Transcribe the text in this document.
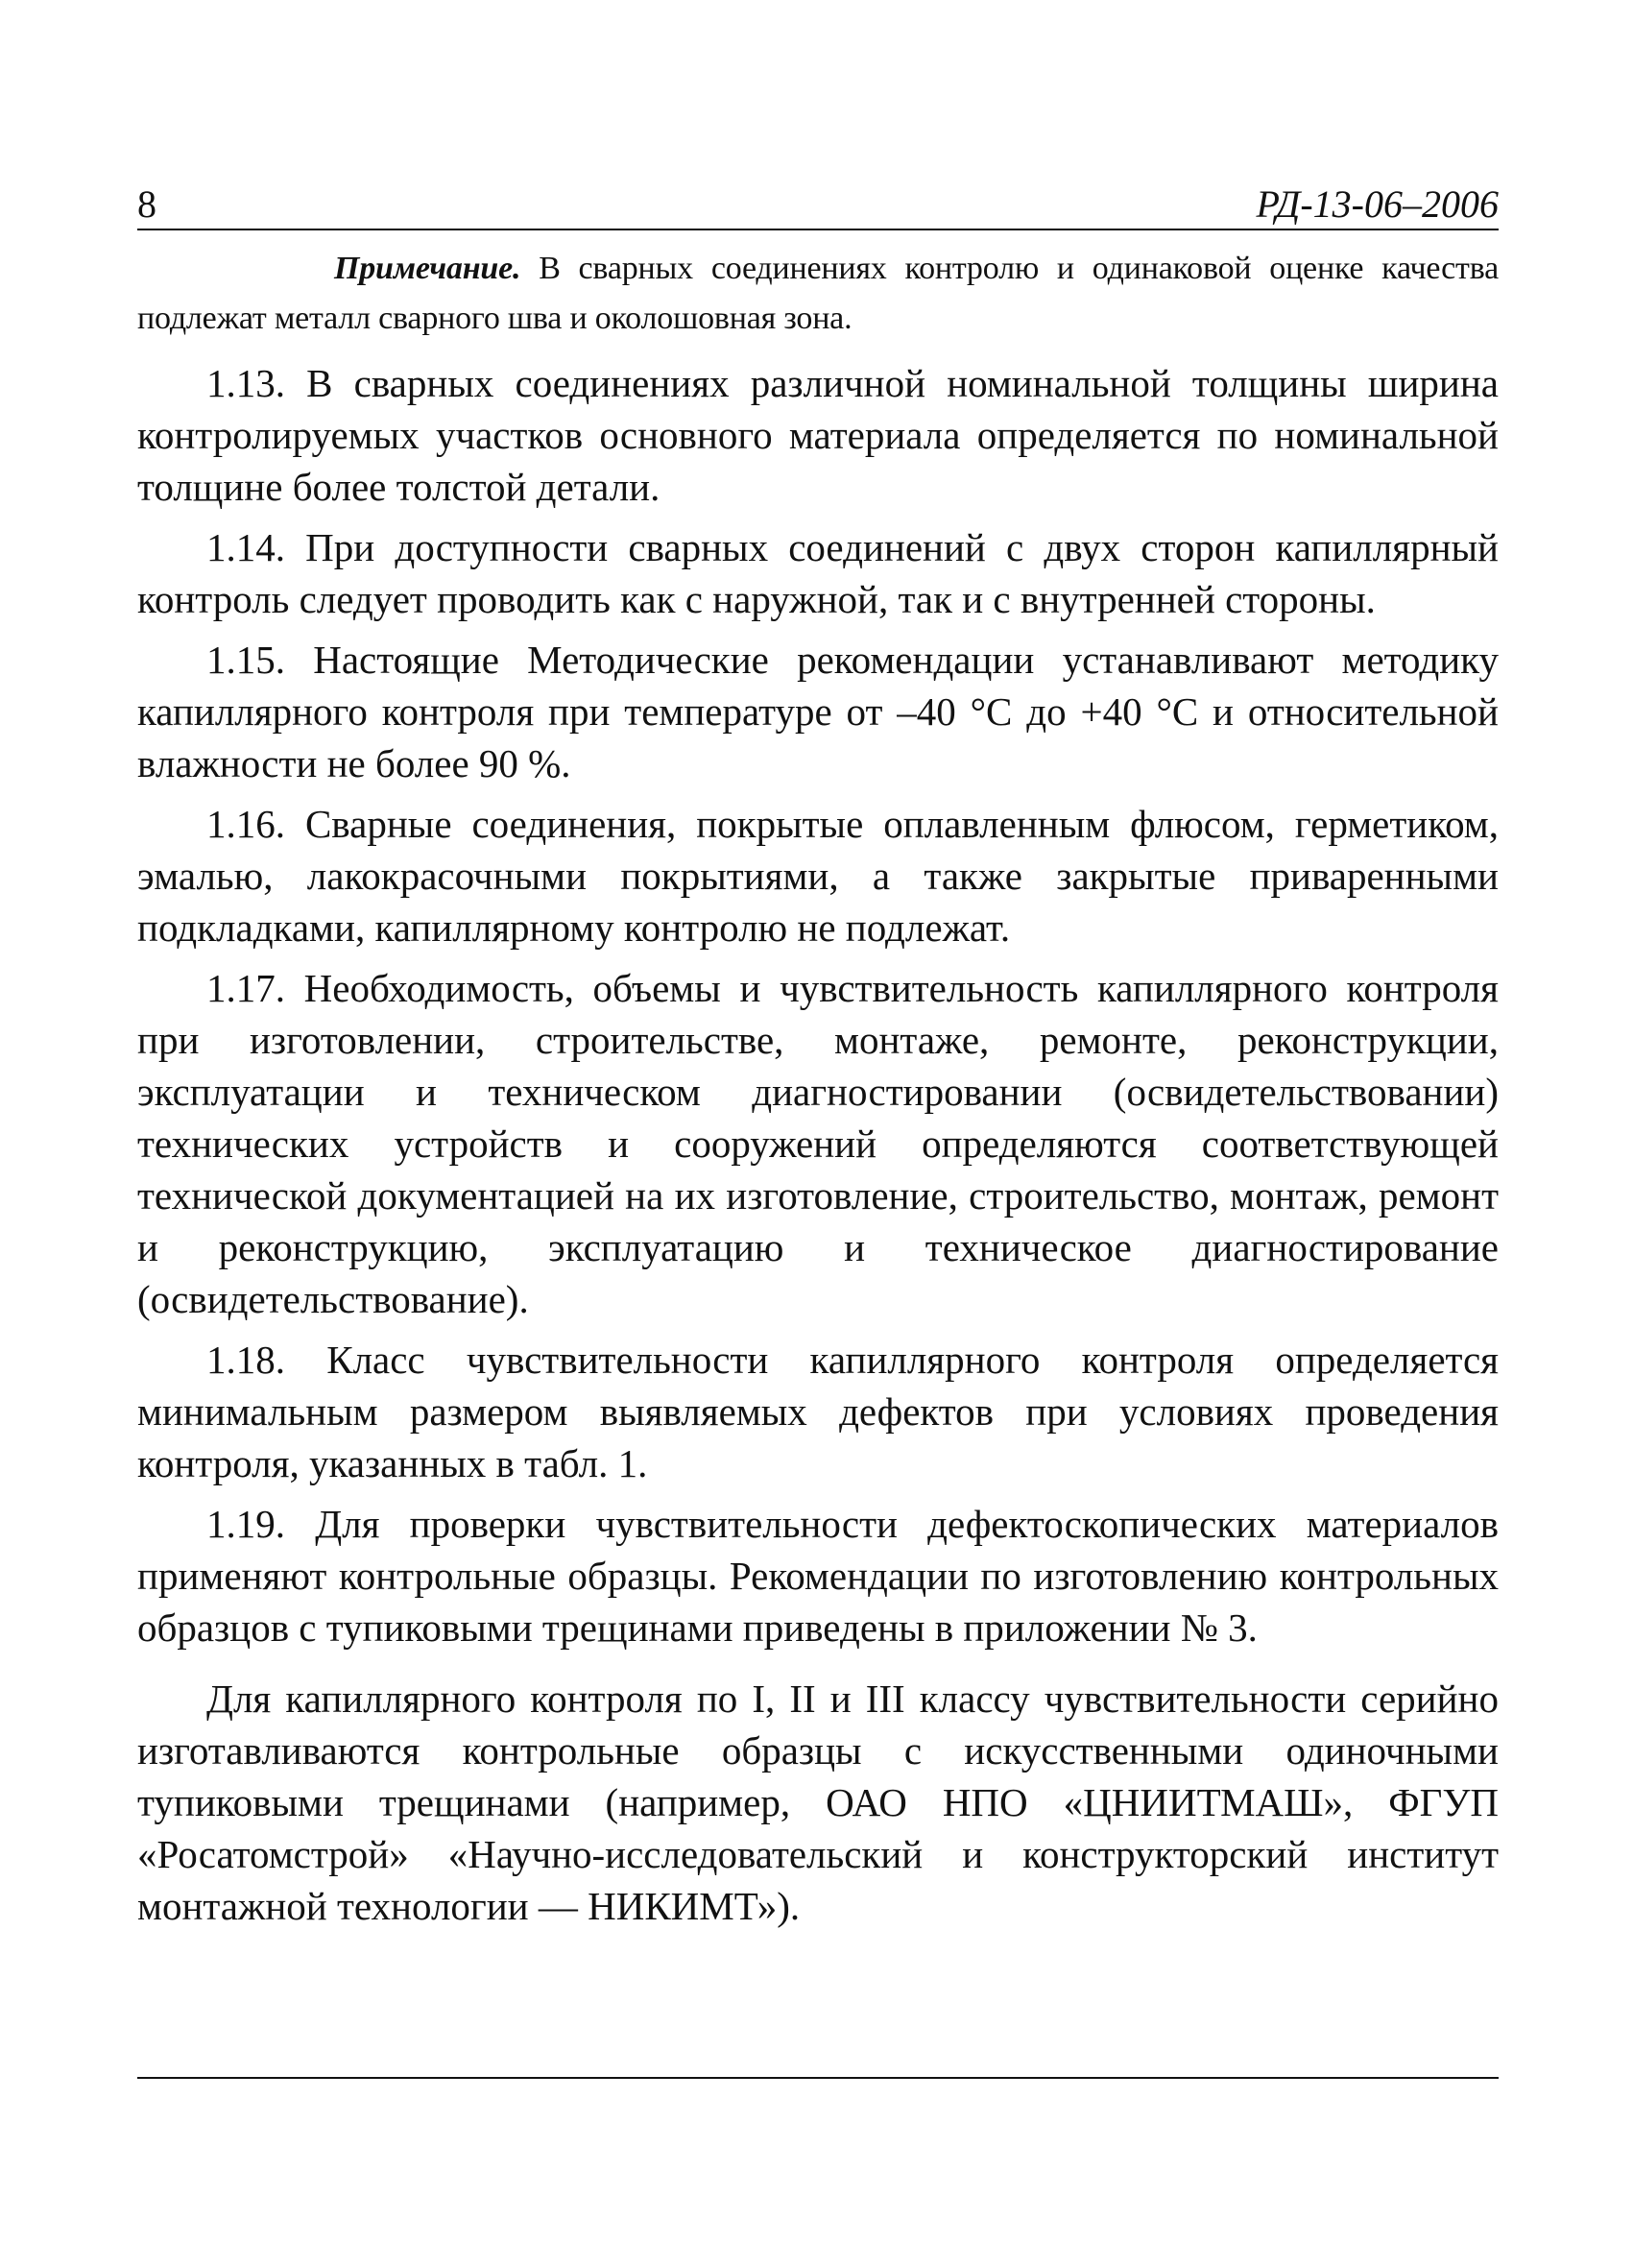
8	РД-13-06–2006

Примечание. В сварных соединениях контролю и одинаковой оценке качества подлежат металл сварного шва и околошовная зона.

1.13. В сварных соединениях различной номинальной толщины ширина контролируемых участков основного материала определяется по номинальной толщине более толстой детали.

1.14. При доступности сварных соединений с двух сторон капиллярный контроль следует проводить как с наружной, так и с внутренней стороны.

1.15. Настоящие Методические рекомендации устанавливают методику капиллярного контроля при температуре от –40 °С до +40 °С и относительной влажности не более 90 %.

1.16. Сварные соединения, покрытые оплавленным флюсом, герметиком, эмалью, лакокрасочными покрытиями, а также закрытые приваренными подкладками, капиллярному контролю не подлежат.

1.17. Необходимость, объемы и чувствительность капиллярного контроля при изготовлении, строительстве, монтаже, ремонте, реконструкции, эксплуатации и техническом диагностировании (освидетельствовании) технических устройств и сооружений определяются соответствующей технической документацией на их изготовление, строительство, монтаж, ремонт и реконструкцию, эксплуатацию и техническое диагностирование (освидетельствование).

1.18. Класс чувствительности капиллярного контроля определяется минимальным размером выявляемых дефектов при условиях проведения контроля, указанных в табл. 1.

1.19. Для проверки чувствительности дефектоскопических материалов применяют контрольные образцы. Рекомендации по изготовлению контрольных образцов с тупиковыми трещинами приведены в приложении № 3.

Для капиллярного контроля по I, II и III классу чувствительности серийно изготавливаются контрольные образцы с искусственными одиночными тупиковыми трещинами (например, ОАО НПО «ЦНИИТМАШ», ФГУП «Росатомстрой» «Научно-исследовательский и конструкторский институт монтажной технологии — НИКИМТ»).
